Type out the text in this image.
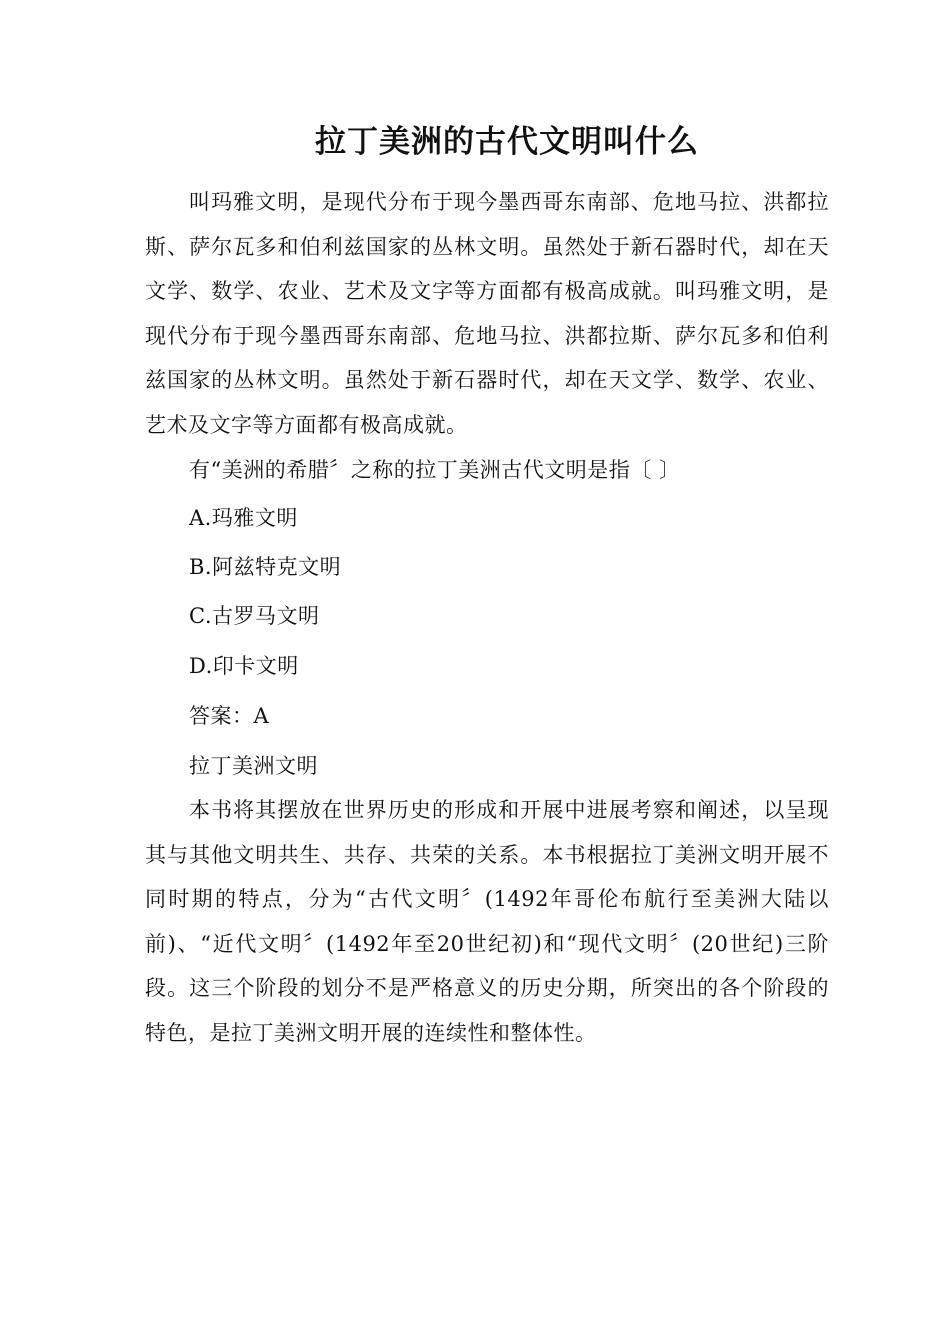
拉丁美洲的古代文明叫什么

叫玛雅文明，是现代分布于现今墨西哥东南部、危地马拉、洪都拉斯、萨尔瓦多和伯利兹国家的丛林文明。虽然处于新石器时代，却在天文学、数学、农业、艺术及文字等方面都有极高成就。叫玛雅文明，是现代分布于现今墨西哥东南部、危地马拉、洪都拉斯、萨尔瓦多和伯利兹国家的丛林文明。虽然处于新石器时代，却在天文学、数学、农业、艺术及文字等方面都有极高成就。

有“美洲的希腊〞之称的拉丁美洲古代文明是指〔 〕

A.玛雅文明

B.阿兹特克文明

C.古罗马文明

D.印卡文明

答案：A

拉丁美洲文明

本书将其摆放在世界历史的形成和开展中进展考察和阐述，以呈现其与其他文明共生、共存、共荣的关系。本书根据拉丁美洲文明开展不同时期的特点，分为“古代文明〞(1492年哥伦布航行至美洲大陆以前)、“近代文明〞(1492年至20世纪初)和“现代文明〞(20世纪)三阶段。这三个阶段的划分不是严格意义的历史分期，所突出的各个阶段的特色，是拉丁美洲文明开展的连续性和整体性。
